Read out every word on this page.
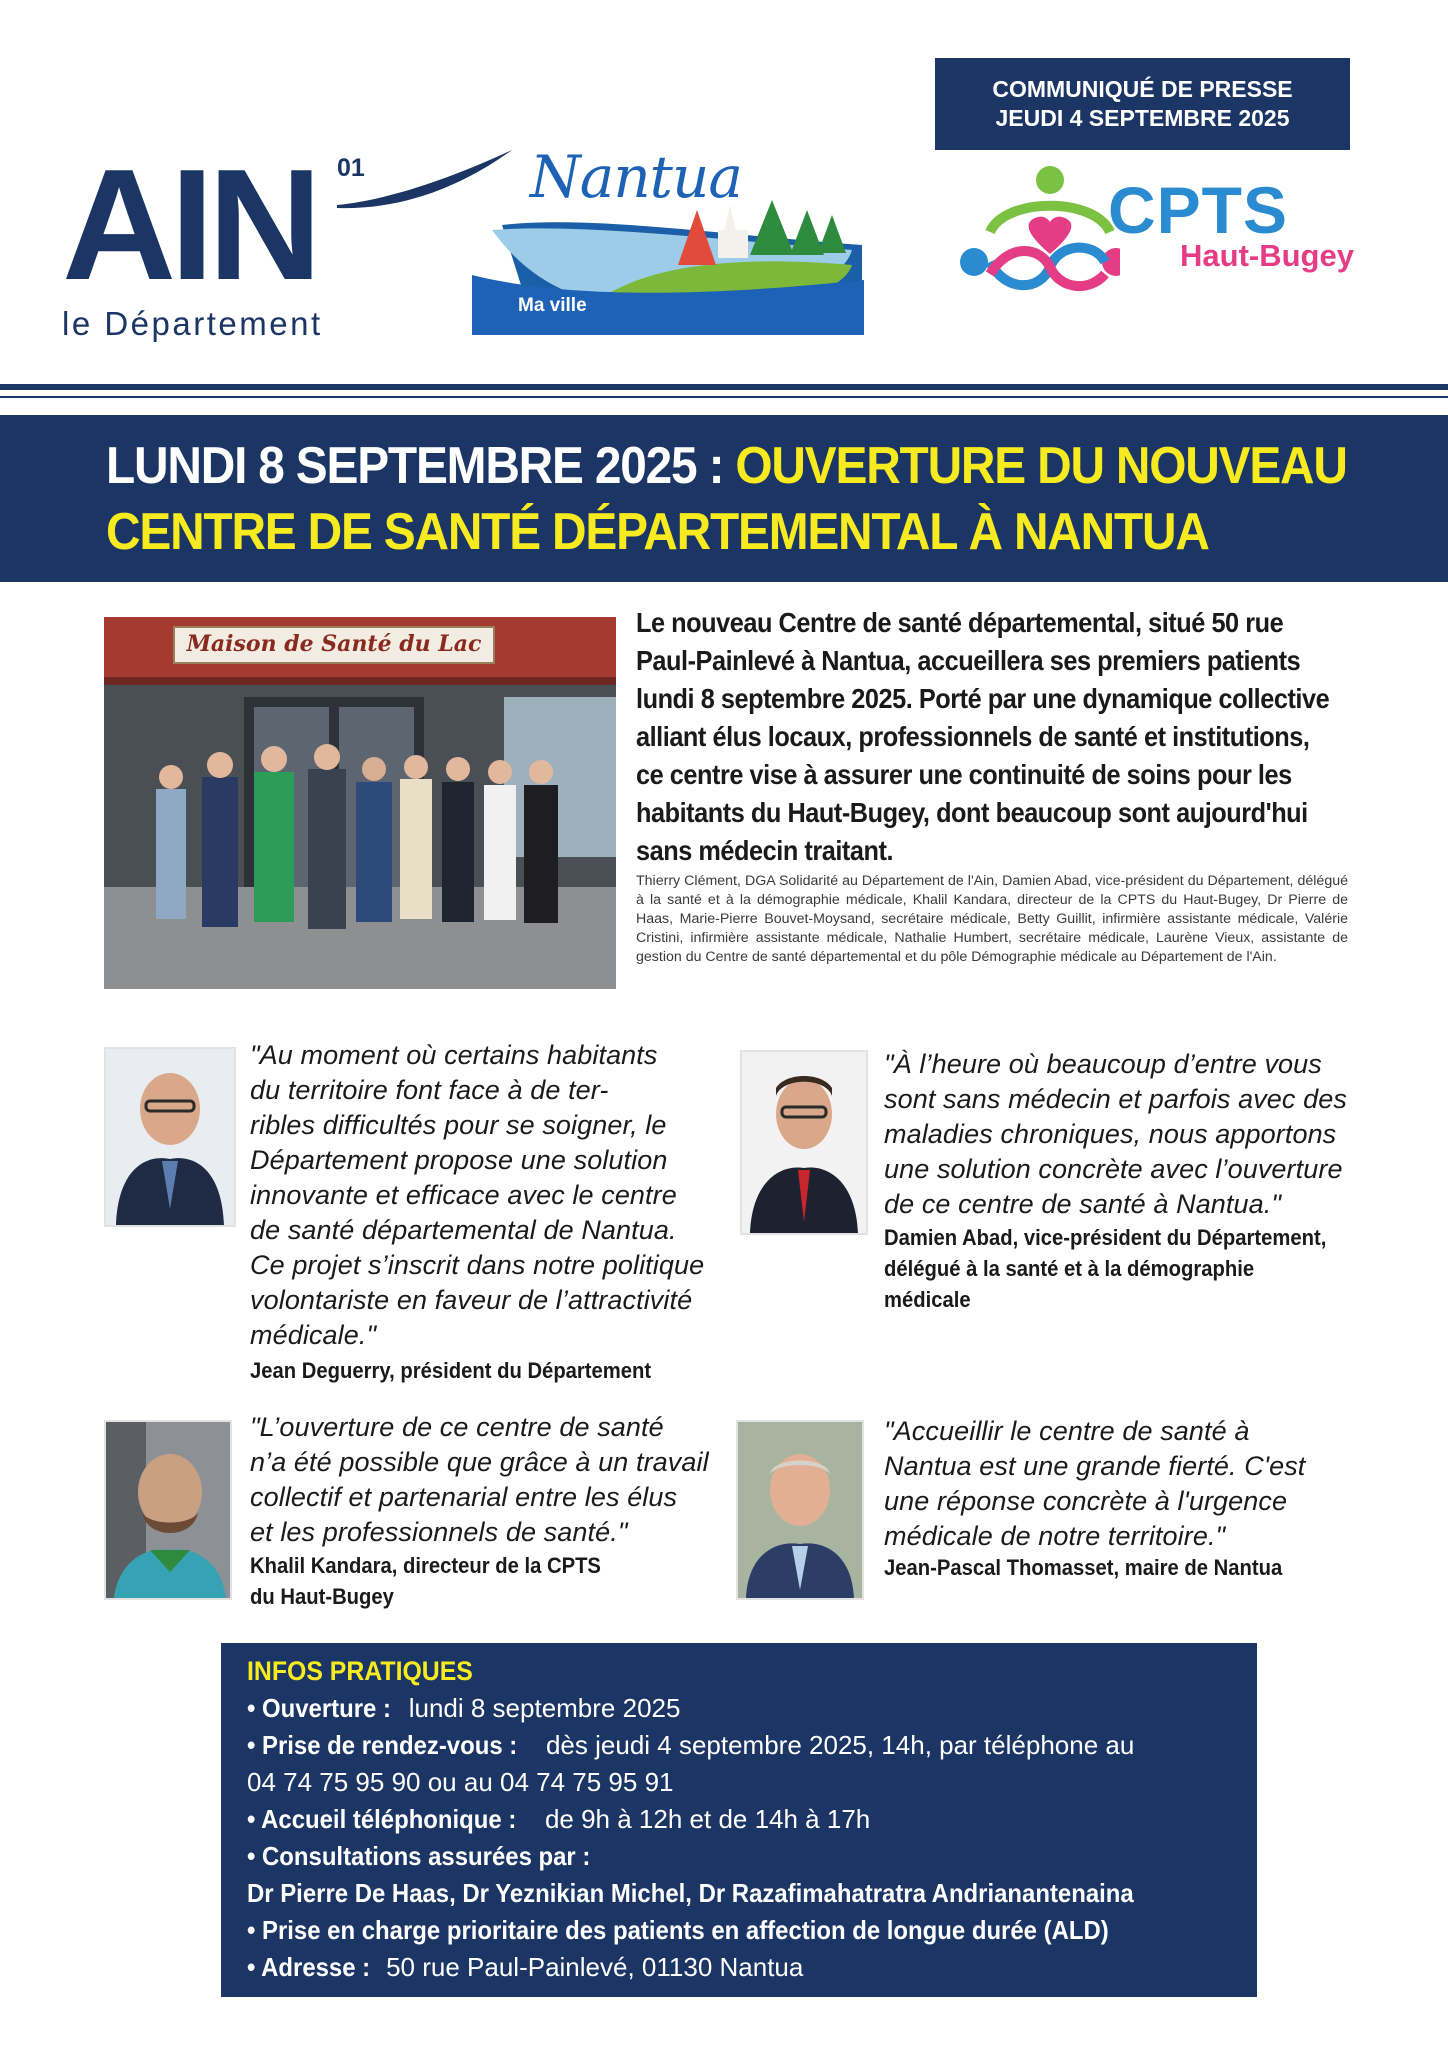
COMMUNIQUÉ DE PRESSE
JEUDI 4 SEPTEMBRE 2025
AIN 01
le Département
Nantua
Ma ville
CPTS
Haut-Bugey
LUNDI 8 SEPTEMBRE 2025 : OUVERTURE DU NOUVEAU
CENTRE DE SANTÉ DÉPARTEMENTAL À NANTUA
Maison de Santé du Lac
Le nouveau Centre de santé départemental, situé 50 rue
Paul-Painlevé à Nantua, accueillera ses premiers patients
lundi 8 septembre 2025. Porté par une dynamique collective
alliant élus locaux, professionnels de santé et institutions,
ce centre vise à assurer une continuité de soins pour les
habitants du Haut-Bugey, dont beaucoup sont aujourd'hui
sans médecin traitant.
Thierry Clément, DGA Solidarité au Département de l'Ain, Damien Abad, vice-président du Département, délégué à la santé et à la démographie médicale, Khalil Kandara, directeur de la CPTS du Haut-Bugey, Dr Pierre de Haas, Marie-Pierre Bouvet-Moysand, secrétaire médicale, Betty Guillit, infirmière assistante médicale, Valérie Cristini, infirmière assistante médicale, Nathalie Humbert, secrétaire médicale, Laurène Vieux, assistante de gestion du Centre de santé départemental et du pôle Démographie médicale au Département de l'Ain.
"Au moment où certains habitants
du territoire font face à de ter-
ribles difficultés pour se soigner, le
Département propose une solution
innovante et efficace avec le centre
de santé départemental de Nantua.
Ce projet s’inscrit dans notre politique
volontariste en faveur de l’attractivité
médicale."
Jean Deguerry, président du Département
"À l’heure où beaucoup d’entre vous
sont sans médecin et parfois avec des
maladies chroniques, nous apportons
une solution concrète avec l’ouverture
de ce centre de santé à Nantua."
Damien Abad, vice-président du Département,
délégué à la santé et à la démographie
médicale
"L’ouverture de ce centre de santé
n’a été possible que grâce à un travail
collectif et partenarial entre les élus
et les professionnels de santé."
Khalil Kandara, directeur de la CPTS
du Haut-Bugey
"Accueillir le centre de santé à
Nantua est une grande fierté. C'est
une réponse concrète à l'urgence
médicale de notre territoire."
Jean-Pascal Thomasset, maire de Nantua
INFOS PRATIQUES
• Ouverture : lundi 8 septembre 2025
• Prise de rendez-vous : dès jeudi 4 septembre 2025, 14h, par téléphone au
04 74 75 95 90 ou au 04 74 75 95 91
• Accueil téléphonique : de 9h à 12h et de 14h à 17h
• Consultations assurées par :
Dr Pierre De Haas, Dr Yeznikian Michel, Dr Razafimahatratra Andrianantenaina
• Prise en charge prioritaire des patients en affection de longue durée (ALD)
• Adresse : 50 rue Paul-Painlevé, 01130 Nantua
